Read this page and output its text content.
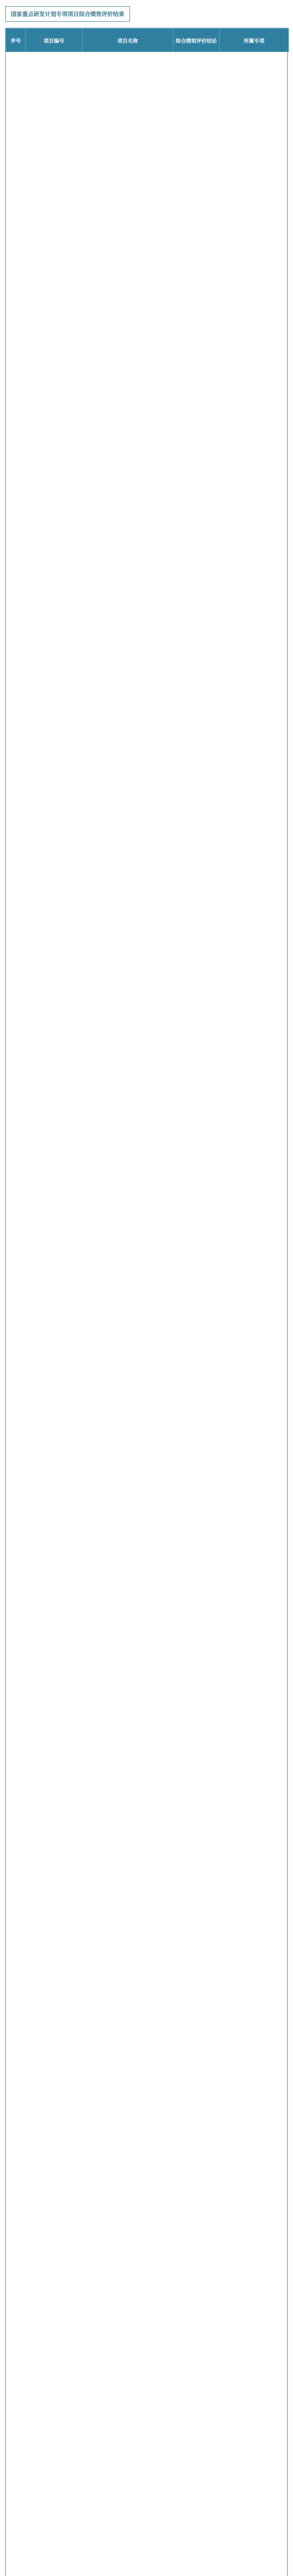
国家重点研发计划专项项目综合绩效评价结果
序号	项目编号	项目名称	综合绩效评价结论	所属专项
